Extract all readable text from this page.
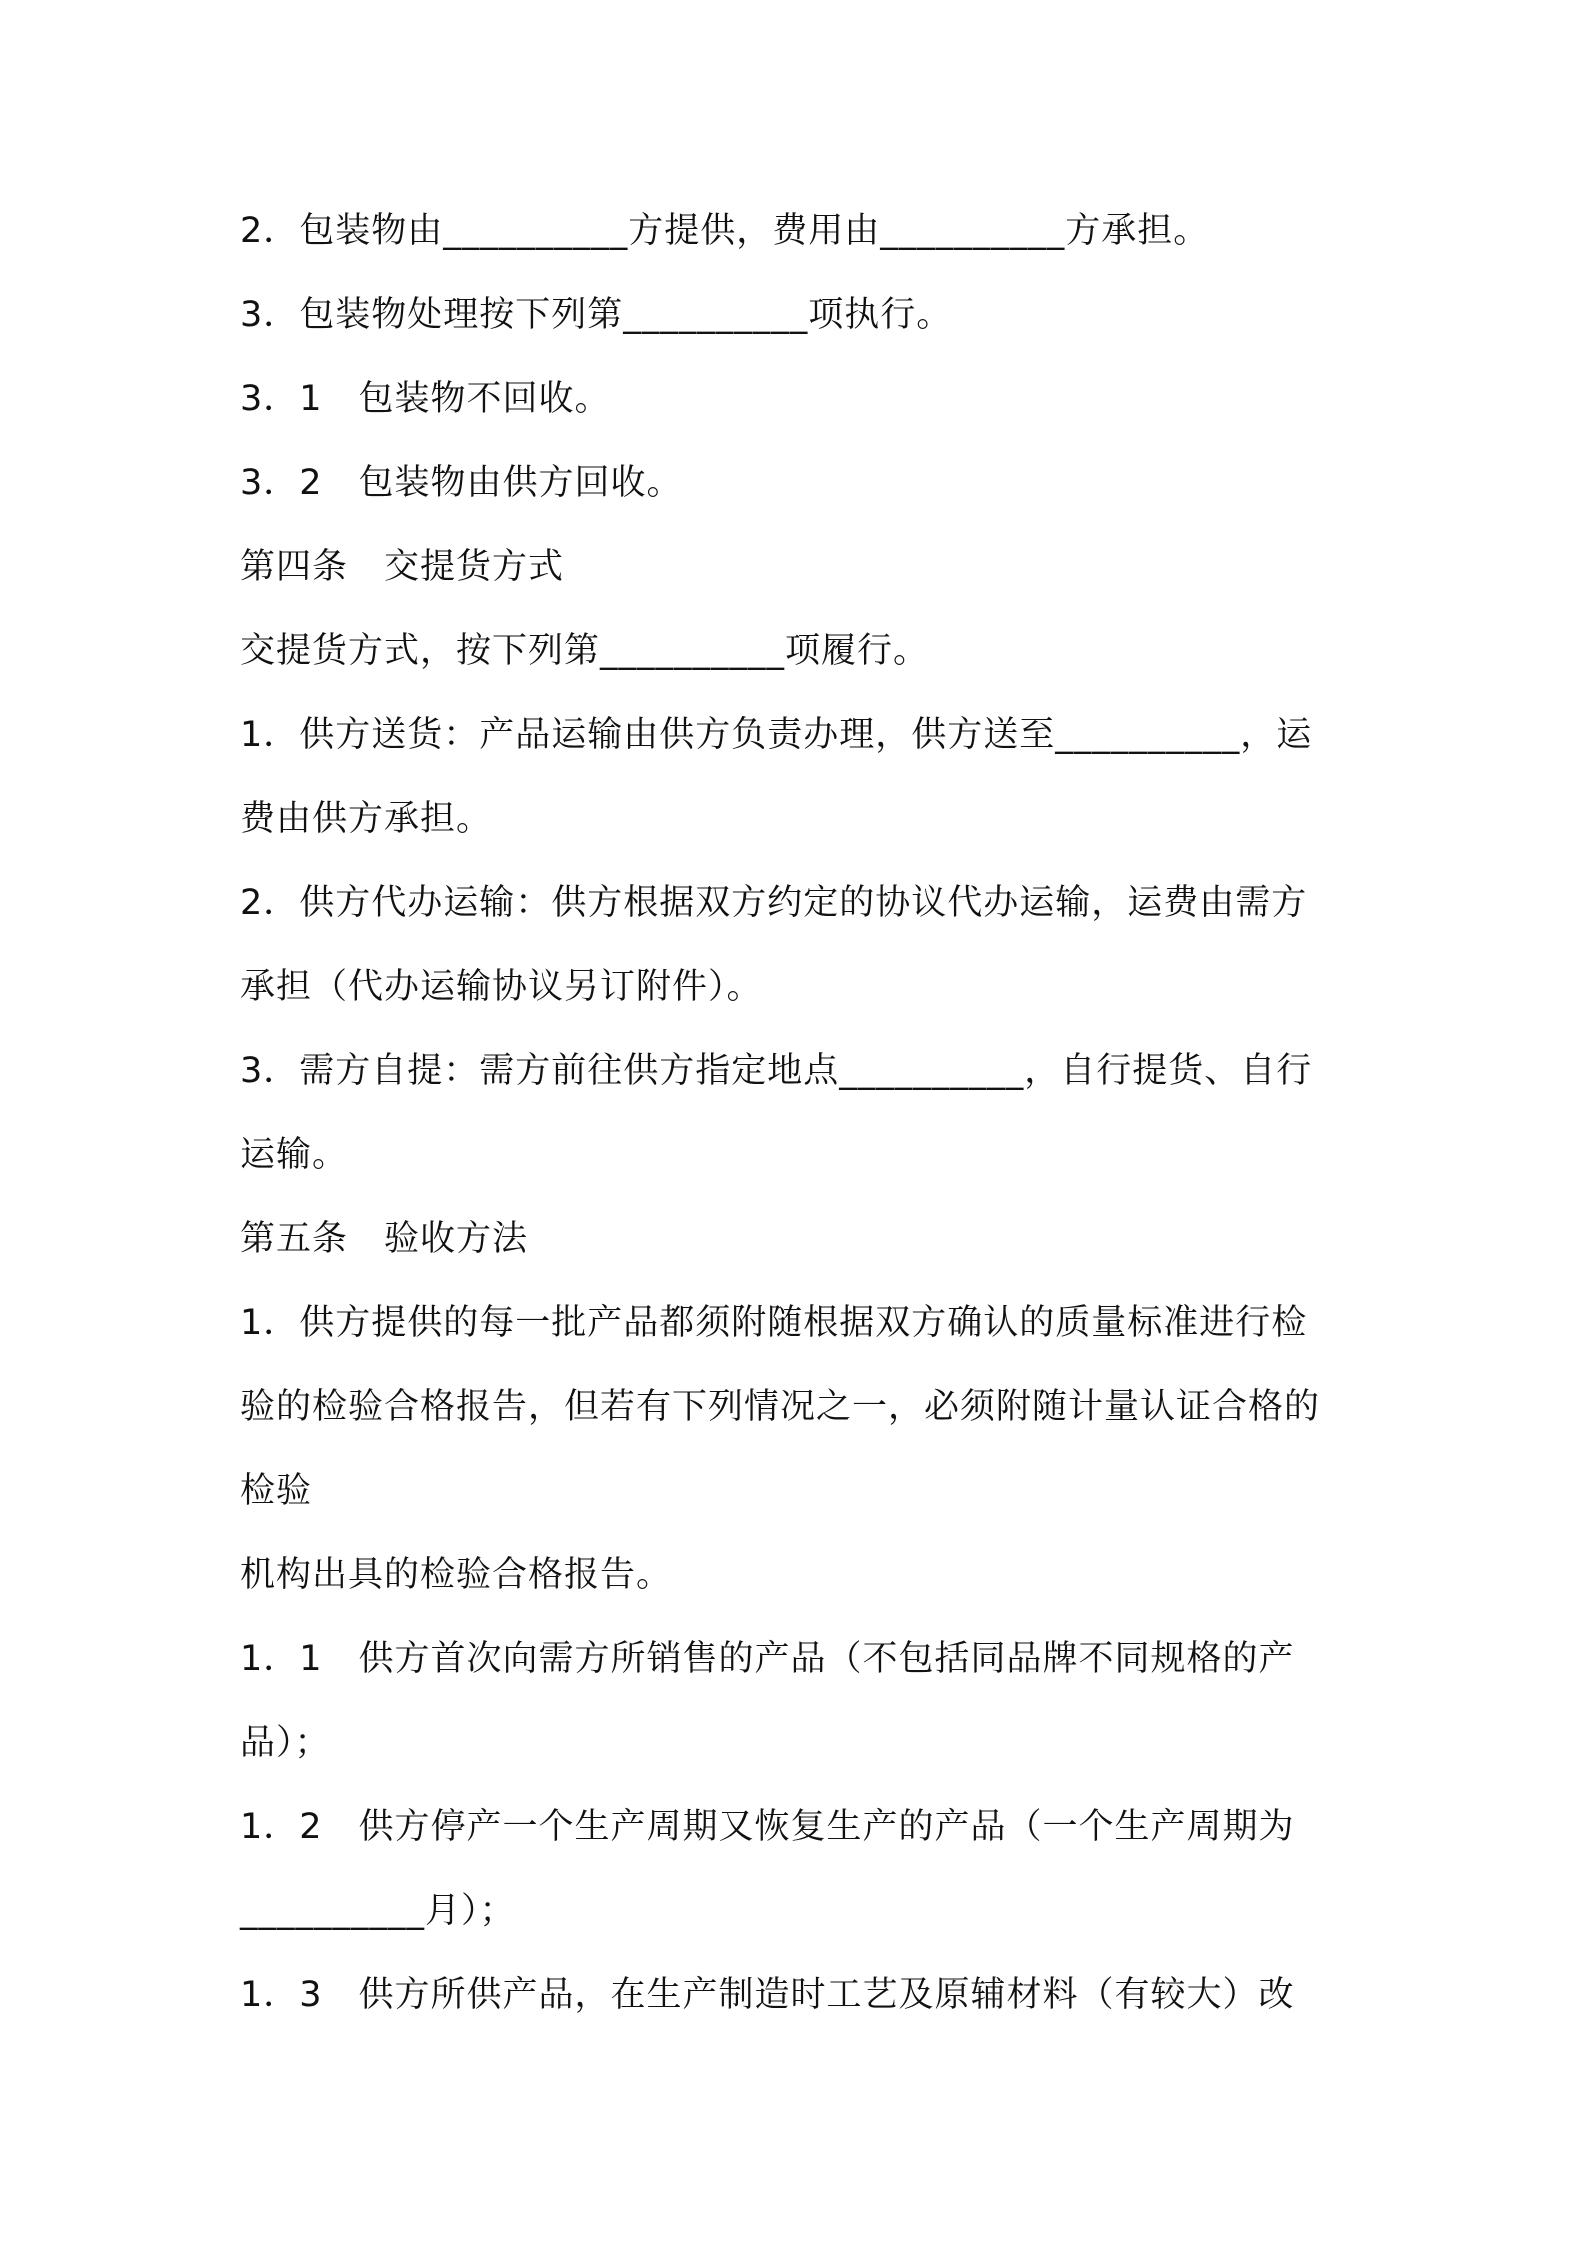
2．包装物由__________方提供，费用由__________方承担。
3．包装物处理按下列第__________项执行。
3．1　包装物不回收。
3．2　包装物由供方回收。
第四条　交提货方式
交提货方式，按下列第__________项履行。
1．供方送货：产品运输由供方负责办理，供方送至__________，运
费由供方承担。
2．供方代办运输：供方根据双方约定的协议代办运输，运费由需方
承担（代办运输协议另订附件）。
3．需方自提：需方前往供方指定地点__________，自行提货、自行
运输。
第五条　验收方法
1．供方提供的每一批产品都须附随根据双方确认的质量标准进行检
验的检验合格报告，但若有下列情况之一，必须附随计量认证合格的
检验
机构出具的检验合格报告。
1．1　供方首次向需方所销售的产品（不包括同品牌不同规格的产
品）；
1．2　供方停产一个生产周期又恢复生产的产品（一个生产周期为
__________月）；
1．3　供方所供产品，在生产制造时工艺及原辅材料（有较大）改
